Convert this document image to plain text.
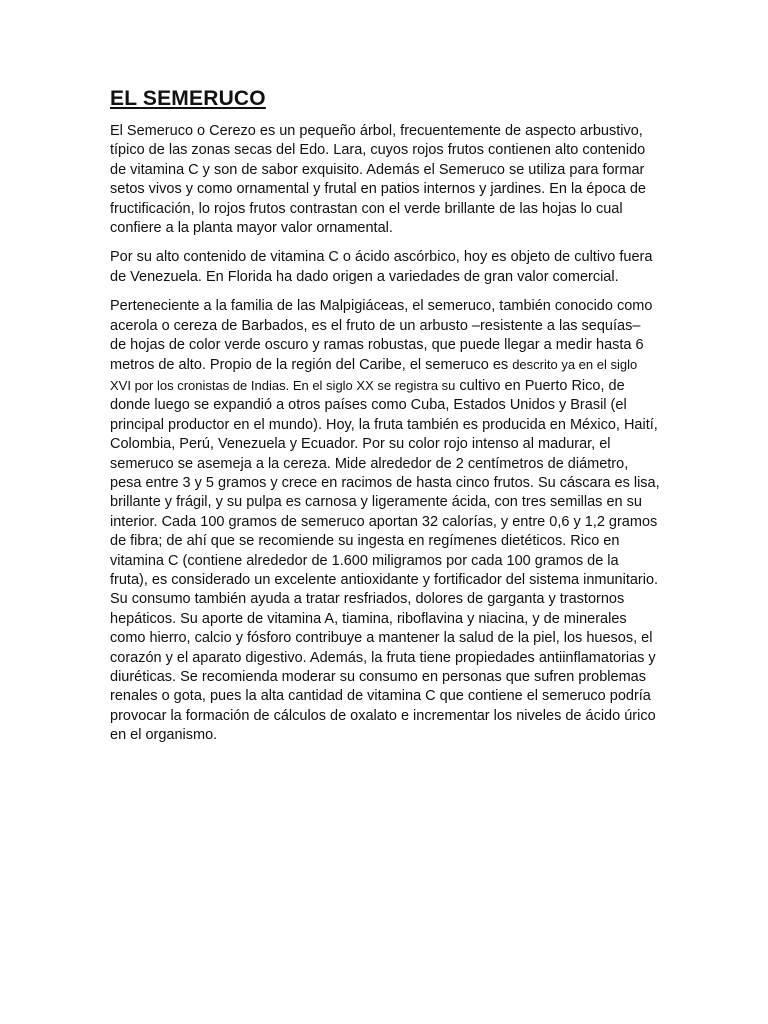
EL SEMERUCO

El Semeruco o Cerezo es un pequeño árbol, frecuentemente de aspecto arbustivo, típico de las zonas secas del Edo. Lara, cuyos rojos frutos contienen alto contenido de vitamina C y son de sabor exquisito. Además el Semeruco se utiliza para formar setos vivos y como ornamental y frutal en patios internos y jardines. En la época de fructificación, lo rojos frutos contrastan con el verde brillante de las hojas lo cual confiere a la planta mayor valor ornamental.

Por su alto contenido de vitamina C o ácido ascórbico, hoy es objeto de cultivo fuera de Venezuela. En Florida ha dado origen a variedades de gran valor comercial.

Perteneciente a la familia de las Malpigiáceas, el semeruco, también conocido como acerola o cereza de Barbados, es el fruto de un arbusto –resistente a las sequías– de hojas de color verde oscuro y ramas robustas, que puede llegar a medir hasta 6 metros de alto. Propio de la región del Caribe, el semeruco es descrito ya en el siglo XVI por los cronistas de Indias. En el siglo XX se registra su cultivo en Puerto Rico, de donde luego se expandió a otros países como Cuba, Estados Unidos y Brasil (el principal productor en el mundo). Hoy, la fruta también es producida en México, Haití, Colombia, Perú, Venezuela y Ecuador. Por su color rojo intenso al madurar, el semeruco se asemeja a la cereza. Mide alrededor de 2 centímetros de diámetro, pesa entre 3 y 5 gramos y crece en racimos de hasta cinco frutos. Su cáscara es lisa, brillante y frágil, y su pulpa es carnosa y ligeramente ácida, con tres semillas en su interior. Cada 100 gramos de semeruco aportan 32 calorías, y entre 0,6 y 1,2 gramos de fibra; de ahí que se recomiende su ingesta en regímenes dietéticos. Rico en vitamina C (contiene alrededor de 1.600 miligramos por cada 100 gramos de la fruta), es considerado un excelente antioxidante y fortificador del sistema inmunitario. Su consumo también ayuda a tratar resfriados, dolores de garganta y trastornos hepáticos. Su aporte de vitamina A, tiamina, riboflavina y niacina, y de minerales como hierro, calcio y fósforo contribuye a mantener la salud de la piel, los huesos, el corazón y el aparato digestivo. Además, la fruta tiene propiedades antiinflamatorias y diuréticas. Se recomienda moderar su consumo en personas que sufren problemas renales o gota, pues la alta cantidad de vitamina C que contiene el semeruco podría provocar la formación de cálculos de oxalato e incrementar los niveles de ácido úrico en el organismo.
